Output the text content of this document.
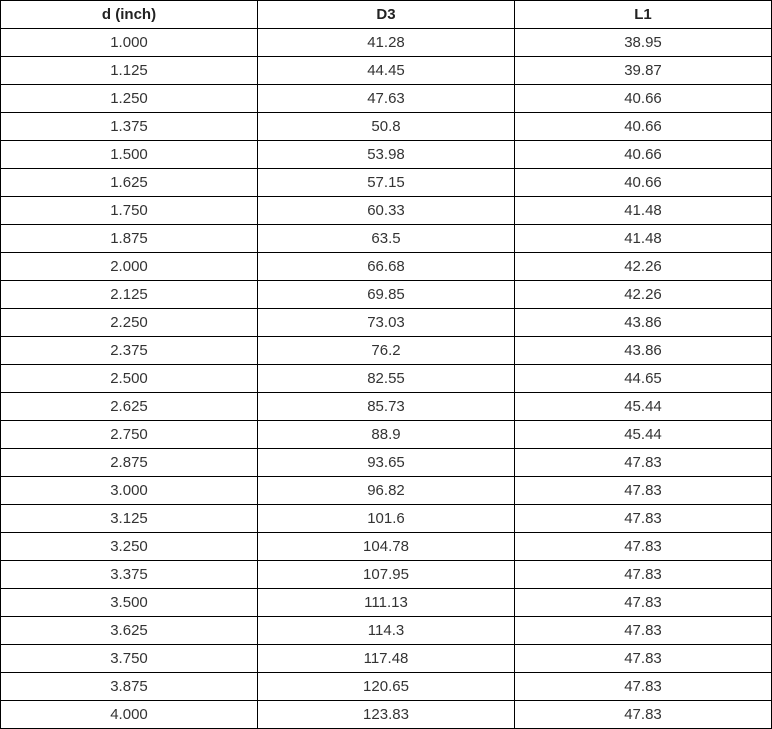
d (inch)	D3	L1
1.000	41.28	38.95
1.125	44.45	39.87
1.250	47.63	40.66
1.375	50.8	40.66
1.500	53.98	40.66
1.625	57.15	40.66
1.750	60.33	41.48
1.875	63.5	41.48
2.000	66.68	42.26
2.125	69.85	42.26
2.250	73.03	43.86
2.375	76.2	43.86
2.500	82.55	44.65
2.625	85.73	45.44
2.750	88.9	45.44
2.875	93.65	47.83
3.000	96.82	47.83
3.125	101.6	47.83
3.250	104.78	47.83
3.375	107.95	47.83
3.500	111.13	47.83
3.625	114.3	47.83
3.750	117.48	47.83
3.875	120.65	47.83
4.000	123.83	47.83
